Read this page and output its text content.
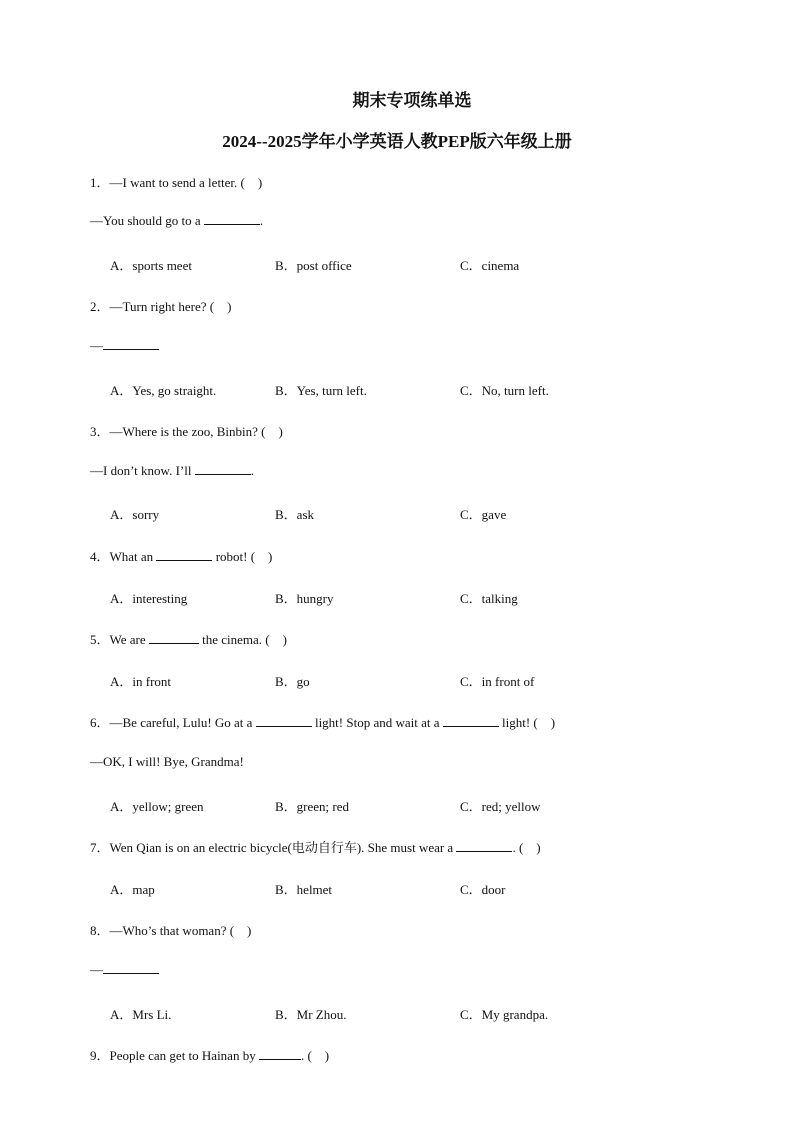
期末专项练单选
2024--2025学年小学英语人教PEP版六年级上册
1．—I want to send a letter. (　)
—You should go to a	.
A．sports meet	B．post office	C．cinema
2．—Turn right here? (　)
—
A．Yes, go straight.	B．Yes, turn left.	C．No, turn left.
3．—Where is the zoo, Binbin? (　)
—I don’t know. I’ll	.
A．sorry	B．ask	C．gave
4．What an	robot! (　)
A．interesting	B．hungry	C．talking
5．We are	the cinema. (　)
A．in front	B．go	C．in front of
6．—Be careful, Lulu! Go at a	light! Stop and wait at a	light! (　)
—OK, I will! Bye, Grandma!
A．yellow; green	B．green; red	C．red; yellow
7．Wen Qian is on an electric bicycle(电动自行车). She must wear a	. (　)
A．map	B．helmet	C．door
8．—Who’s that woman? (　)
—
A．Mrs Li.	B．Mr Zhou.	C．My grandpa.
9．People can get to Hainan by	. (　)
